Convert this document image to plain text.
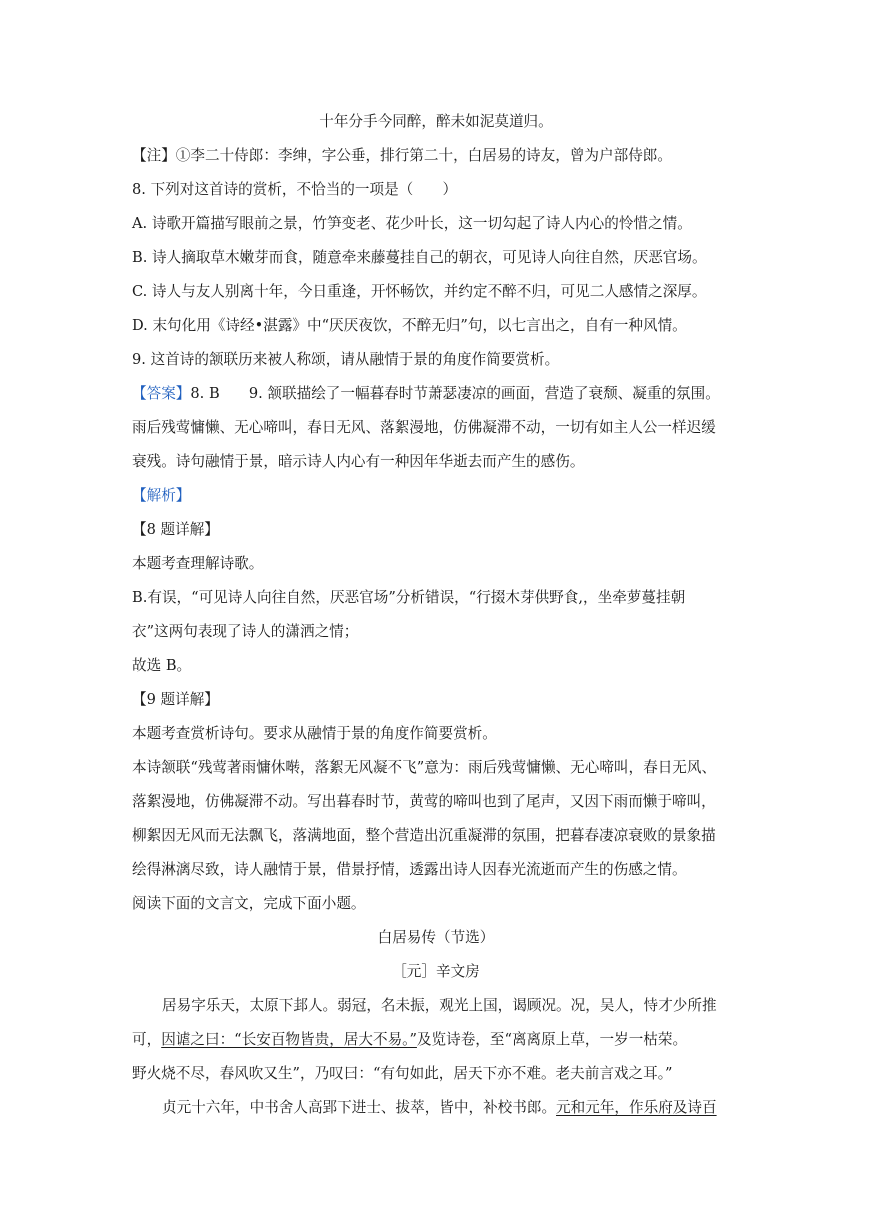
十年分手今同醉，醉未如泥莫道归。
【注】①李二十侍郎：李绅，字公垂，排行第二十，白居易的诗友，曾为户部侍郎。
8. 下列对这首诗的赏析，不恰当的一项是（　　）
A. 诗歌开篇描写眼前之景，竹笋变老、花少叶长，这一切勾起了诗人内心的怜惜之情。
B. 诗人摘取草木嫩芽而食，随意牵来藤蔓挂自己的朝衣，可见诗人向往自然，厌恶官场。
C. 诗人与友人别离十年，今日重逢，开怀畅饮，并约定不醉不归，可见二人感情之深厚。
D. 末句化用《诗经•湛露》中“厌厌夜饮，不醉无归”句，以七言出之，自有一种风情。
9. 这首诗的颔联历来被人称颂，请从融情于景的角度作简要赏析。
【答案】8. B　　9. 颔联描绘了一幅暮春时节萧瑟凄凉的画面，营造了衰颓、凝重的氛围。
雨后残莺慵懒、无心啼叫，春日无风、落絮漫地，仿佛凝滞不动，一切有如主人公一样迟缓
衰残。诗句融情于景，暗示诗人内心有一种因年华逝去而产生的感伤。
【解析】
【8 题详解】
本题考查理解诗歌。
B.有误，“可见诗人向往自然，厌恶官场”分析错误，“行掇木芽供野食,，坐牵萝蔓挂朝
衣”这两句表现了诗人的潇洒之情；
故选 B。
【9 题详解】
本题考查赏析诗句。要求从融情于景的角度作简要赏析。
本诗颔联“残莺著雨慵休啭，落絮无风凝不飞”意为：雨后残莺慵懒、无心啼叫，春日无风、
落絮漫地，仿佛凝滞不动。写出暮春时节，黄莺的啼叫也到了尾声，又因下雨而懒于啼叫，
柳絮因无风而无法飘飞，落满地面，整个营造出沉重凝滞的氛围，把暮春凄凉衰败的景象描
绘得淋漓尽致，诗人融情于景，借景抒情，透露出诗人因春光流逝而产生的伤感之情。
阅读下面的文言文，完成下面小题。
白居易传（节选）
［元］辛文房
居易字乐天，太原下邽人。弱冠，名未振，观光上国，谒顾况。况，吴人，恃才少所推
可，因谑之曰：“长安百物皆贵，居大不易。”及览诗卷，至“离离原上草，一岁一枯荣。
野火烧不尽，春风吹又生”，乃叹曰：“有句如此，居天下亦不难。老夫前言戏之耳。”
贞元十六年，中书舍人高郢下进士、拔萃，皆中，补校书郎。元和元年，作乐府及诗百
